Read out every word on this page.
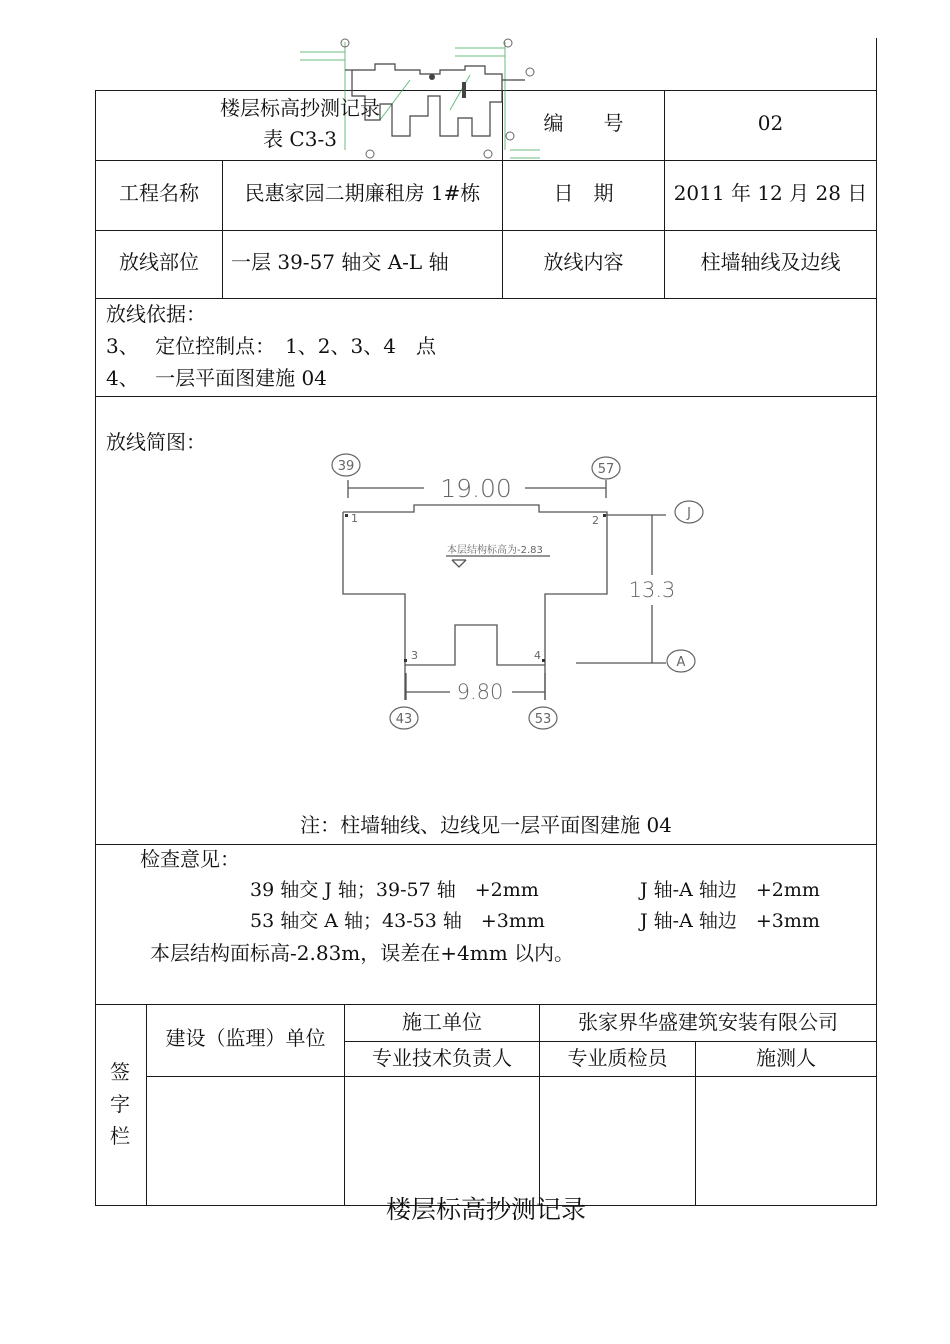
楼层标高抄测记录
表 C3-3
编　　号	02
工程名称	民惠家园二期廉租房 1#栋	日　期	2011 年 12 月 28 日
放线部位	一层 39-57 轴交 A-L 轴	放线内容	柱墙轴线及边线
放线依据：
3、　 定位控制点：　1、2、3、4　点
4、　 一层平面图建施 04
放线简图：
39	57
J
A
43	53
19.00
13.3
9.80
1	2
3	4
本层结构标高为-2.83
注：柱墙轴线、边线见一层平面图建施 04
检查意见：
39 轴交 J 轴；39-57 轴　+2mm	J 轴-A 轴边　+2mm
53 轴交 A 轴；43-53 轴　+3mm	J 轴-A 轴边　+3mm
本层结构面标高-2.83m，误差在+4mm 以内。
签字栏
建设（监理）单位
施工单位	张家界华盛建筑安装有限公司
专业技术负责人	专业质检员	施测人
楼层标高抄测记录
